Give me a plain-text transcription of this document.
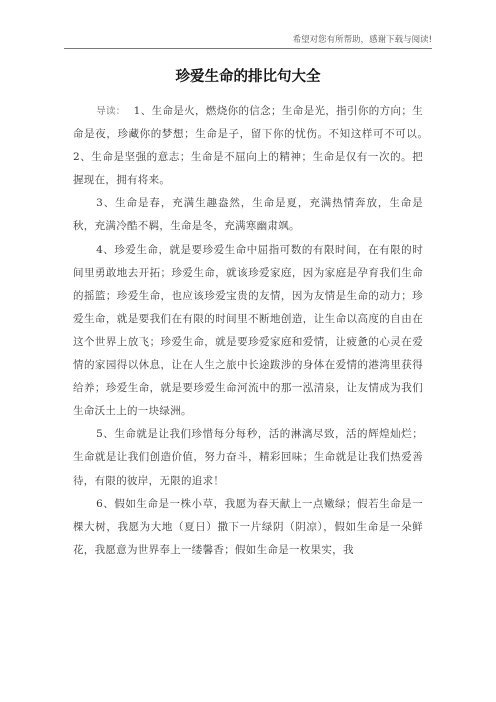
希望对您有所帮助，感谢下载与阅读!
珍爱生命的排比句大全

导读： 1、生命是火，燃烧你的信念；生命是光，指引你的方向；生命是夜，珍藏你的梦想；生命是子，留下你的忧伤。不知这样可不可以。　　2、生命是坚强的意志；生命是不屈向上的精神；生命是仅有一次的。把握现在，拥有将来。

3、生命是春，充满生趣盎然，生命是夏，充满热情奔放，生命是秋，充满冷酷不羁，生命是冬，充满寒幽肃飒。

4、珍爱生命，就是要珍爱生命中屈指可数的有限时间，在有限的时间里勇敢地去开拓；珍爱生命，就该珍爱家庭，因为家庭是孕育我们生命的摇篮；珍爱生命，也应该珍爱宝贵的友情，因为友情是生命的动力；珍爱生命，就是要我们在有限的时间里不断地创造，让生命以高度的自由在这个世界上放飞；珍爱生命，就是要珍爱家庭和爱情，让疲惫的心灵在爱情的家园得以休息，让在人生之旅中长途跋涉的身体在爱情的港湾里获得给养；珍爱生命，就是要珍爱生命河流中的那一泓清泉，让友情成为我们生命沃土上的一块绿洲。

5、生命就是让我们珍惜每分每秒，活的淋漓尽致，活的辉煌灿烂；生命就是让我们创造价值，努力奋斗，精彩回味；生命就是让我们热爱善待，有限的彼岸，无限的追求！

6、假如生命是一株小草，我愿为春天献上一点嫩绿；假若生命是一棵大树，我愿为大地（夏日）撒下一片绿阴（阴凉），假如生命是一朵鲜花，我愿意为世界奉上一缕馨香；假如生命是一枚果实，我
